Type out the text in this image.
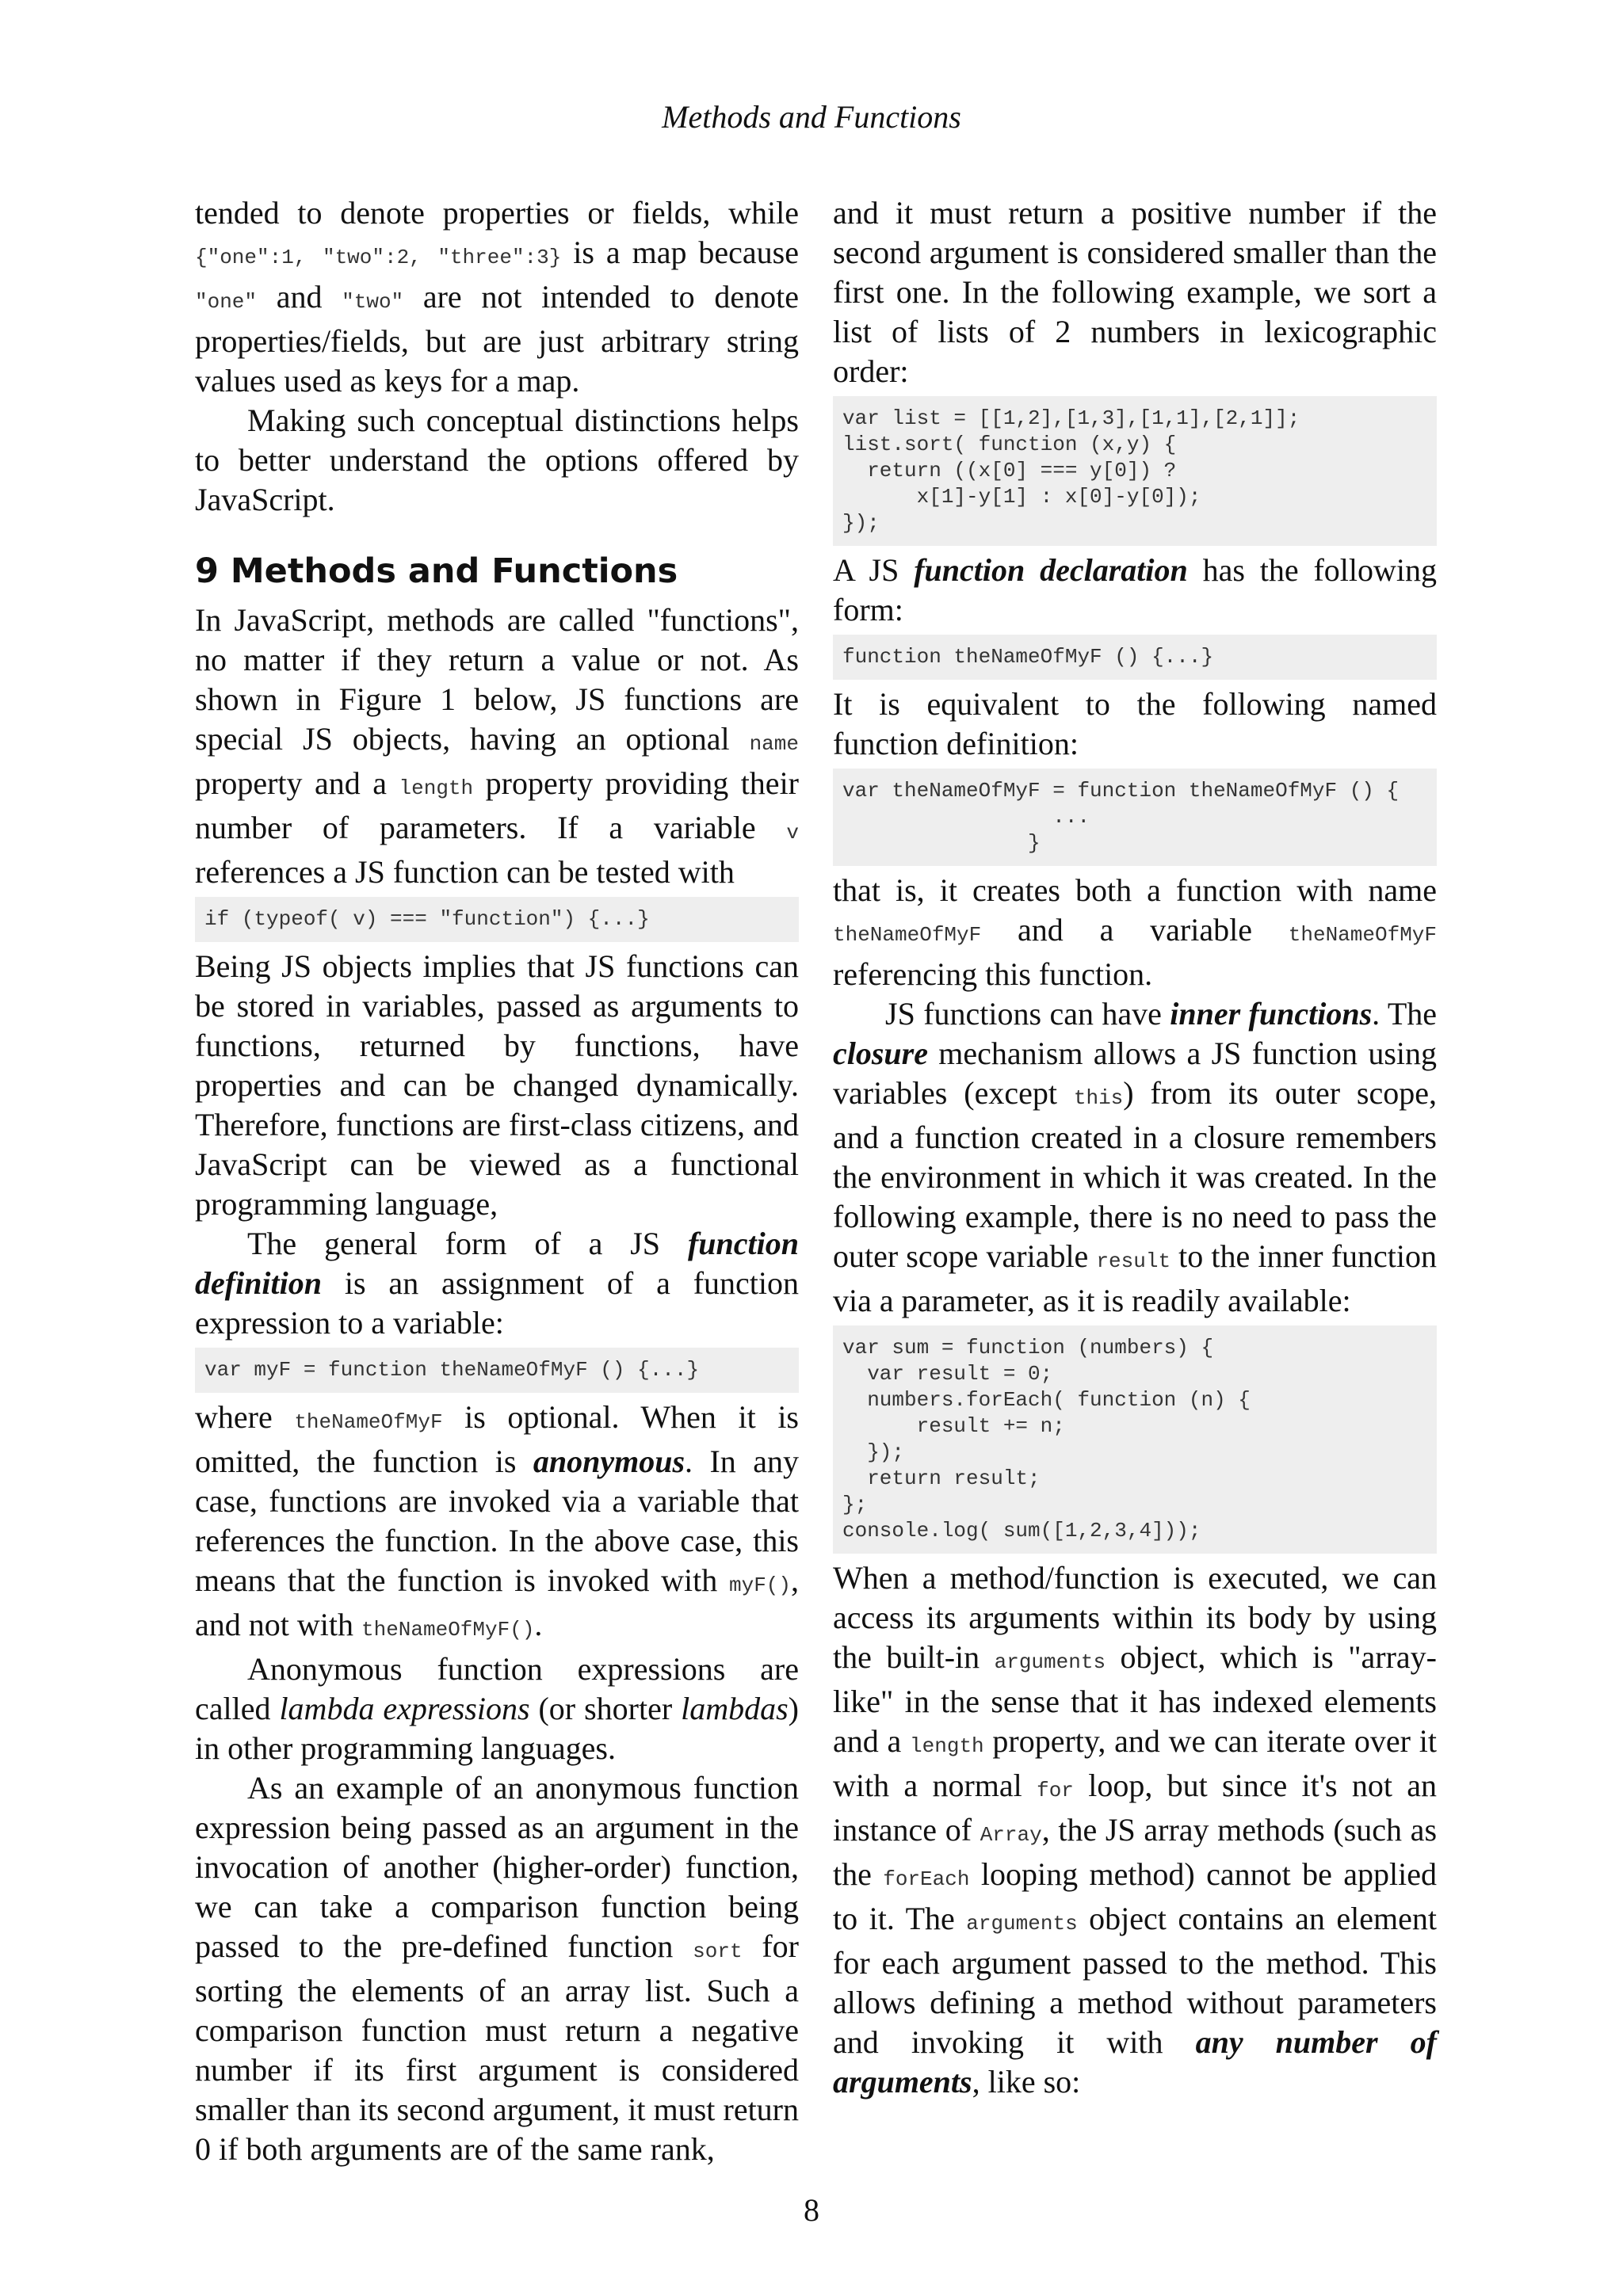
Methods and Functions

tended to denote properties or fields, while {"one":1, "two":2, "three":3} is a map because "one" and "two" are not intended to denote properties/fields, but are just arbitrary string values used as keys for a map.

Making such conceptual distinctions helps to better understand the options offered by JavaScript.

9 Methods and Functions

In JavaScript, methods are called "functions", no matter if they return a value or not. As shown in Figure 1 below, JS functions are special JS objects, having an optional name property and a length property providing their number of parameters. If a variable v references a JS function can be tested with

if (typeof( v) === "function") {...}

Being JS objects implies that JS functions can be stored in variables, passed as arguments to functions, returned by functions, have properties and can be changed dynamically. Therefore, functions are first-class citizens, and JavaScript can be viewed as a functional programming language,

The general form of a JS function definition is an assignment of a function expression to a variable:

var myF = function theNameOfMyF () {...}

where theNameOfMyF is optional. When it is omitted, the function is anonymous. In any case, functions are invoked via a variable that references the function. In the above case, this means that the function is invoked with myF(), and not with theNameOfMyF().

Anonymous function expressions are called lambda expressions (or shorter lambdas) in other programming languages.

As an example of an anonymous function expression being passed as an argument in the invocation of another (higher-order) function, we can take a comparison function being passed to the pre-defined function sort for sorting the elements of an array list. Such a comparison function must return a negative number if its first argument is considered smaller than its second argument, it must return 0 if both arguments are of the same rank,

and it must return a positive number if the second argument is considered smaller than the first one. In the following example, we sort a list of lists of 2 numbers in lexicographic order:

var list = [[1,2],[1,3],[1,1],[2,1]];
list.sort( function (x,y) {
return ((x[0] === y[0]) ?
x[1]-y[1] : x[0]-y[0]);
});

A JS function declaration has the following form:

function theNameOfMyF () {...}

It is equivalent to the following named function definition:

var theNameOfMyF = function theNameOfMyF () {
...
}

that is, it creates both a function with name theNameOfMyF and a variable theNameOfMyF referencing this function.

JS functions can have inner functions. The closure mechanism allows a JS function using variables (except this) from its outer scope, and a function created in a closure remembers the environment in which it was created. In the following example, there is no need to pass the outer scope variable result to the inner function via a parameter, as it is readily available:

var sum = function (numbers) {
var result = 0;
numbers.forEach( function (n) {
result += n;
});
return result;
};
console.log( sum([1,2,3,4]));

When a method/function is executed, we can access its arguments within its body by using the built-in arguments object, which is "array-like" in the sense that it has indexed elements and a length property, and we can iterate over it with a normal for loop, but since it's not an instance of Array, the JS array methods (such as the forEach looping method) cannot be applied to it. The arguments object contains an element for each argument passed to the method. This allows defining a method without parameters and invoking it with any number of arguments, like so:

8
